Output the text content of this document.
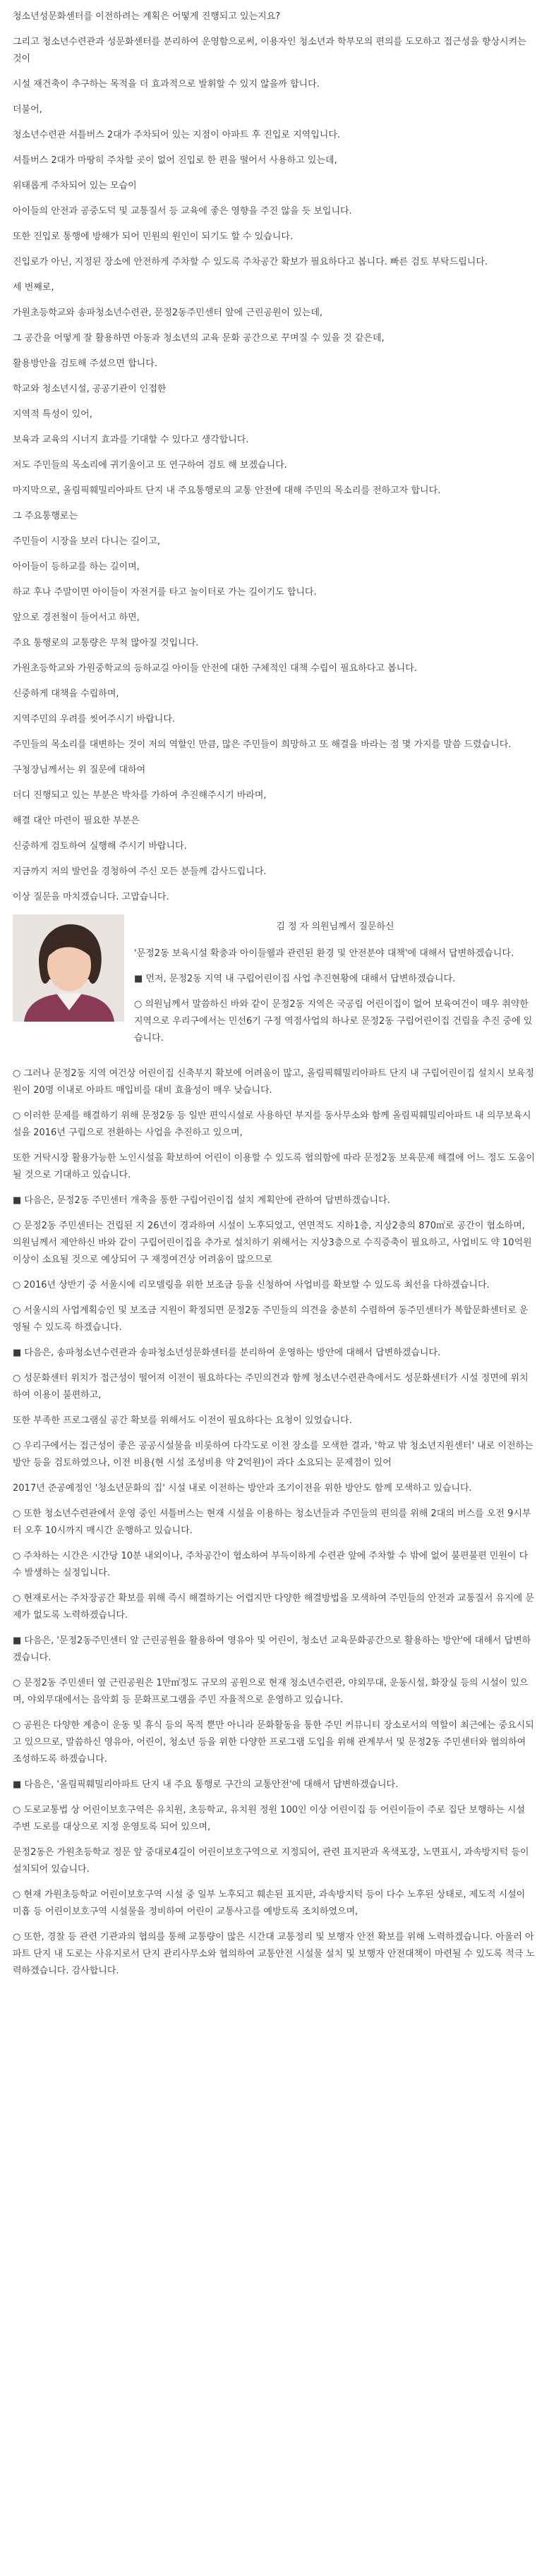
청소년성문화센터를 이전하려는 계획은 어떻게 진행되고 있는지요?

그리고 청소년수련관과 성문화센터를 분리하여 운영함으로써, 이용자인 청소년과 학부모의 편의를 도모하고 접근성을 향상시켜는 것이

시설 재건축이 추구하는 목적을 더 효과적으로 발휘할 수 있지 않을까 합니다.

더불어,

청소년수련관 셔틀버스 2대가 주차되어 있는 지점이 아파트 후 진입로 지역입니다.

셔틀버스 2대가 마땅히 주차할 곳이 없어 진입로 한 편을 떨어서 사용하고 있는데,

위태롭게 주차되어 있는 모습이

아이들의 안전과 공중도덕 및 교통질서 등 교육에 좋은 영향을 주진 않을 듯 보입니다.

또한 진입로 통행에 방해가 되어 민원의 원인이 되기도 할 수 있습니다.

진입로가 아닌, 지정된 장소에 안전하게 주차할 수 있도록 주차공간 확보가 필요하다고 봅니다. 빠른 검토 부탁드립니다.

세 번째로,

가원초등학교와 송파청소년수련관, 문정2동주민센터 앞에 근린공원이 있는데,

그 공간을 어떻게 잘 활용하면 아동과 청소년의 교육 문화 공간으로 꾸며질 수 있을 것 같은데,

활용방안을 검토해 주셨으면 합니다.

학교와 청소년시설, 공공기관이 인접한

지역적 특성이 있어,

보육과 교육의 시너지 효과를 기대할 수 있다고 생각합니다.

저도 주민들의 목소리에 귀기울이고 또 연구하여 검토 해 보겠습니다.

마지막으로, 올림픽훼밀리아파트 단지 내 주요통행로의 교통 안전에 대해 주민의 목소리를 전하고자 합니다.

그 주요통행로는

주민들이 시장을 보러 다니는 길이고,

아이들이 등하교를 하는 길이며,

하교 후나 주말이면 아이들이 자전거를 타고 놀이터로 가는 길이기도 합니다.

앞으로 경전철이 들어서고 하면,

주요 통행로의 교통량은 무척 많아질 것입니다.

가원초등학교와 가원중학교의 등하교길 아이들 안전에 대한 구체적인 대책 수립이 필요하다고 봅니다.

신중하게 대책을 수립하며,

지역주민의 우려를 씻어주시기 바랍니다.

주민들의 목소리를 대변하는 것이 저의 역할인 만큼, 많은 주민들이 희망하고 또 해결을 바라는 점 몇 가지를 말씀 드렸습니다.

구청장님께서는 위 질문에 대하여

더디 진행되고 있는 부분은 박차를 가하여 추진해주시기 바라며,

해결 대안 마련이 필요한 부분은

신중하게 검토하여 실행해 주시기 바랍니다.

지금까지 저의 발언을 경청하여 주신 모든 분들께 감사드립니다.

이상 질문을 마치겠습니다. 고맙습니다.

김 정 자 의원님께서 질문하신

'문정2동 보육시설 확충과 아이들웰과 관련된 환경 및 안전분야 대책'에 대해서 답변하겠습니다.

■ 먼저, 문정2동 지역 내 구립어린이집 사업 추진현황에 대해서 답변하겠습니다.

○ 의원님께서 말씀하신 바와 같이 문정2동 지역은 국공립 어린이집이 없어 보육여건이 매우 취약한 지역으로 우리구에서는 민선6기 구정 역점사업의 하나로 문정2동 구립어린이집 건립을 추진 중에 있습니다.

○ 그러나 문정2동 지역 여건상 어린이집 신축부지 확보에 어려움이 많고, 올림픽훼밀리아파트 단지 내 구립어린이집 설치시 보육정원이 20명 이내로 아파트 매입비를 대비 효율성이 매우 낮습니다.

○ 이러한 문제를 해결하기 위해 문정2동 등 일반 편익시설로 사용하던 부지를 동사무소와 함께 올림픽훼밀리아파트 내 의무보육시설을 2016년 구립으로 전환하는 사업을 추진하고 있으며,

또한 거탁시장 활용가능한 노인시설을 확보하여 어린이 이용할 수 있도록 협의함에 따라 문정2동 보육문제 해결에 어느 정도 도움이 될 것으로 기대하고 있습니다.

■ 다음은, 문정2동 주민센터 개축을 통한 구립어린이집 설치 계획안에 관하여 답변하겠습니다.

○ 문정2동 주민센터는 건립된 지 26년이 경과하여 시설이 노후되었고, 연면적도 지하1층, 지상2층의 870㎡로 공간이 협소하며, 의원님께서 제안하신 바와 같이 구립어린이집을 추가로 설치하기 위해서는 지상3층으로 수직증축이 필요하고, 사업비도 약 10억원 이상이 소요될 것으로 예상되어 구 재정여건상 어려움이 많으므로

○ 2016년 상반기 중 서울시에 리모델링을 위한 보조금 등을 신청하여 사업비를 확보할 수 있도록 최선을 다하겠습니다.

○ 서울시의 사업계획승인 및 보조금 지원이 확정되면 문정2동 주민들의 의견을 충분히 수렴하여 동주민센터가 복합문화센터로 운영될 수 있도록 하겠습니다.

■ 다음은, 송파청소년수련관과 송파청소년성문화센터를 분리하여 운영하는 방안에 대해서 답변하겠습니다.

○ 성문화센터 위치가 접근성이 떨어져 이전이 필요하다는 주민의견과 함께 청소년수련관측에서도 성문화센터가 시설 정면에 위치하여 이용이 불편하고,

또한 부족한 프로그램실 공간 확보를 위해서도 이전이 필요하다는 요청이 있었습니다.

○ 우리구에서는 접근성이 좋은 공공시설물을 비롯하여 다각도로 이전 장소를 모색한 결과, '학교 밖 청소년지원센터' 내로 이전하는 방안 등을 검토하였으나, 이전 비용(현 시설 조성비용 약 2억원)이 과다 소요되는 문제점이 있어

2017년 준공예정인 '청소년문화의 집' 시설 내로 이전하는 방안과 조기이전을 위한 방안도 함께 모색하고 있습니다.

○ 또한 청소년수련관에서 운영 중인 셔틀버스는 현재 시설을 이용하는 청소년들과 주민들의 편의를 위해 2대의 버스를 오전 9시부터 오후 10시까지 매시간 운행하고 있습니다.

○ 주차하는 시간은 시간당 10분 내외이나, 주차공간이 협소하여 부득이하게 수련관 앞에 주차할 수 밖에 없어 불편불편 민원이 다수 발생하는 실정입니다.

○ 현재로서는 주차장공간 확보를 위해 즉시 해결하기는 어렵지만 다양한 해결방법을 모색하여 주민들의 안전과 교통질서 유지에 문제가 없도록 노력하겠습니다.

■ 다음은, '문정2동주민센터 앞 근린공원을 활용하여 영유아 및 어린이, 청소년 교육문화공간으로 활용하는 방안'에 대해서 답변하겠습니다.

○ 문정2동 주민센터 옆 근린공원은 1만㎡정도 규모의 공원으로 현재 청소년수련관, 야외무대, 운동시설, 화장실 등의 시설이 있으며, 야외무대에서는 음악회 등 문화프로그램을 주민 자율적으로 운영하고 있습니다.

○ 공원은 다양한 계층이 운동 및 휴식 등의 목적 뿐만 아니라 문화활동을 통한 주민 커뮤니티 장소로서의 역할이 최근에는 중요시되고 있으므로, 말씀하신 영유아, 어린이, 청소년 등을 위한 다양한 프로그램 도입을 위해 관계부서 및 문정2동 주민센터와 협의하여 조성하도록 하겠습니다.

■ 다음은, '올림픽훼밀리아파트 단지 내 주요 통행로 구간의 교통안전'에 대해서 답변하겠습니다.

○ 도로교통법 상 어린이보호구역은 유치원, 초등학교, 유치원 정원 100인 이상 어린이집 등 어린이들이 주로 집단 보행하는 시설 주변 도로를 대상으로 지정 운영토록 되어 있으며,

문정2동은 가원초등학교 정문 앞 중대로4길이 어린이보호구역으로 지정되어, 관련 표지판과 옥색포장, 노면표시, 과속방지턱 등이 설치되어 있습니다.

○ 현재 가원초등학교 어린이보호구역 시설 중 일부 노후되고 훼손된 표지판, 과속방지턱 등이 다수 노후된 상태로, 제도적 시설이 미흡 등 어린이보호구역 시설물을 정비하여 어린이 교통사고를 예방토록 조치하였으며,

○ 또한, 경찰 등 관련 기관과의 협의를 통해 교통량이 많은 시간대 교통정리 및 보행자 안전 확보를 위해 노력하겠습니다. 아울러 아파트 단지 내 도로는 사유지로서 단지 관리사무소와 협의하여 교통안전 시설물 설치 및 보행자 안전대책이 마련될 수 있도록 적극 노력하겠습니다. 감사합니다.
